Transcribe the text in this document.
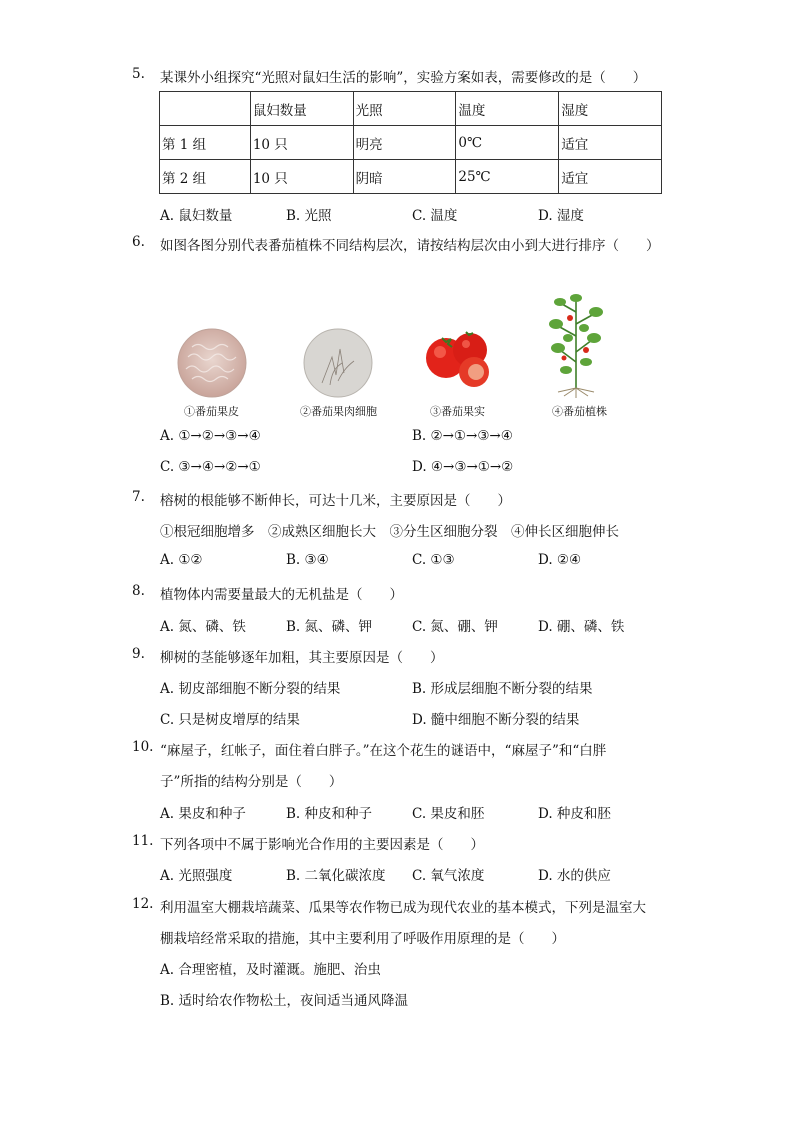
5.	某课外小组探究“光照对鼠妇生活的影响”，实验方案如表，需要修改的是（　　）
	鼠妇数量	光照	温度	湿度
第 1 组	10 只	明亮	0℃	适宜
第 2 组	10 只	阴暗	25℃	适宜
A. 鼠妇数量	B. 光照	C. 温度	D. 湿度
6.	如图各图分别代表番茄植株不同结构层次，请按结构层次由小到大进行排序（　　）
①番茄果皮	②番茄果肉细胞	③番茄果实	④番茄植株
A. ①→②→③→④	B. ②→①→③→④
C. ③→④→②→①	D. ④→③→①→②
7.	榕树的根能够不断伸长，可达十几米，主要原因是（　　）
①根冠细胞增多　②成熟区细胞长大　③分生区细胞分裂　④伸长区细胞伸长
A. ①②	B. ③④	C. ①③	D. ②④
8.	植物体内需要量最大的无机盐是（　　）
A. 氮、磷、铁	B. 氮、磷、钾	C. 氮、硼、钾	D. 硼、磷、铁
9.	柳树的茎能够逐年加粗，其主要原因是（　　）
A. 韧皮部细胞不断分裂的结果	B. 形成层细胞不断分裂的结果
C. 只是树皮增厚的结果	D. 髓中细胞不断分裂的结果
10. “麻屋子，红帐子，面住着白胖子。”在这个花生的谜语中，“麻屋子”和“白胖
子”所指的结构分别是（　　）
A. 果皮和种子	B. 种皮和种子	C. 果皮和胚	D. 种皮和胚
11. 下列各项中不属于影响光合作用的主要因素是（　　）
A. 光照强度	B. 二氧化碳浓度 C. 氧气浓度	D. 水的供应
12. 利用温室大棚栽培蔬菜、瓜果等农作物已成为现代农业的基本模式，下列是温室大
棚栽培经常采取的措施，其中主要利用了呼吸作用原理的是（　　）
A. 合理密植，及时灌溉。施肥、治虫
B. 适时给农作物松土，夜间适当通风降温
